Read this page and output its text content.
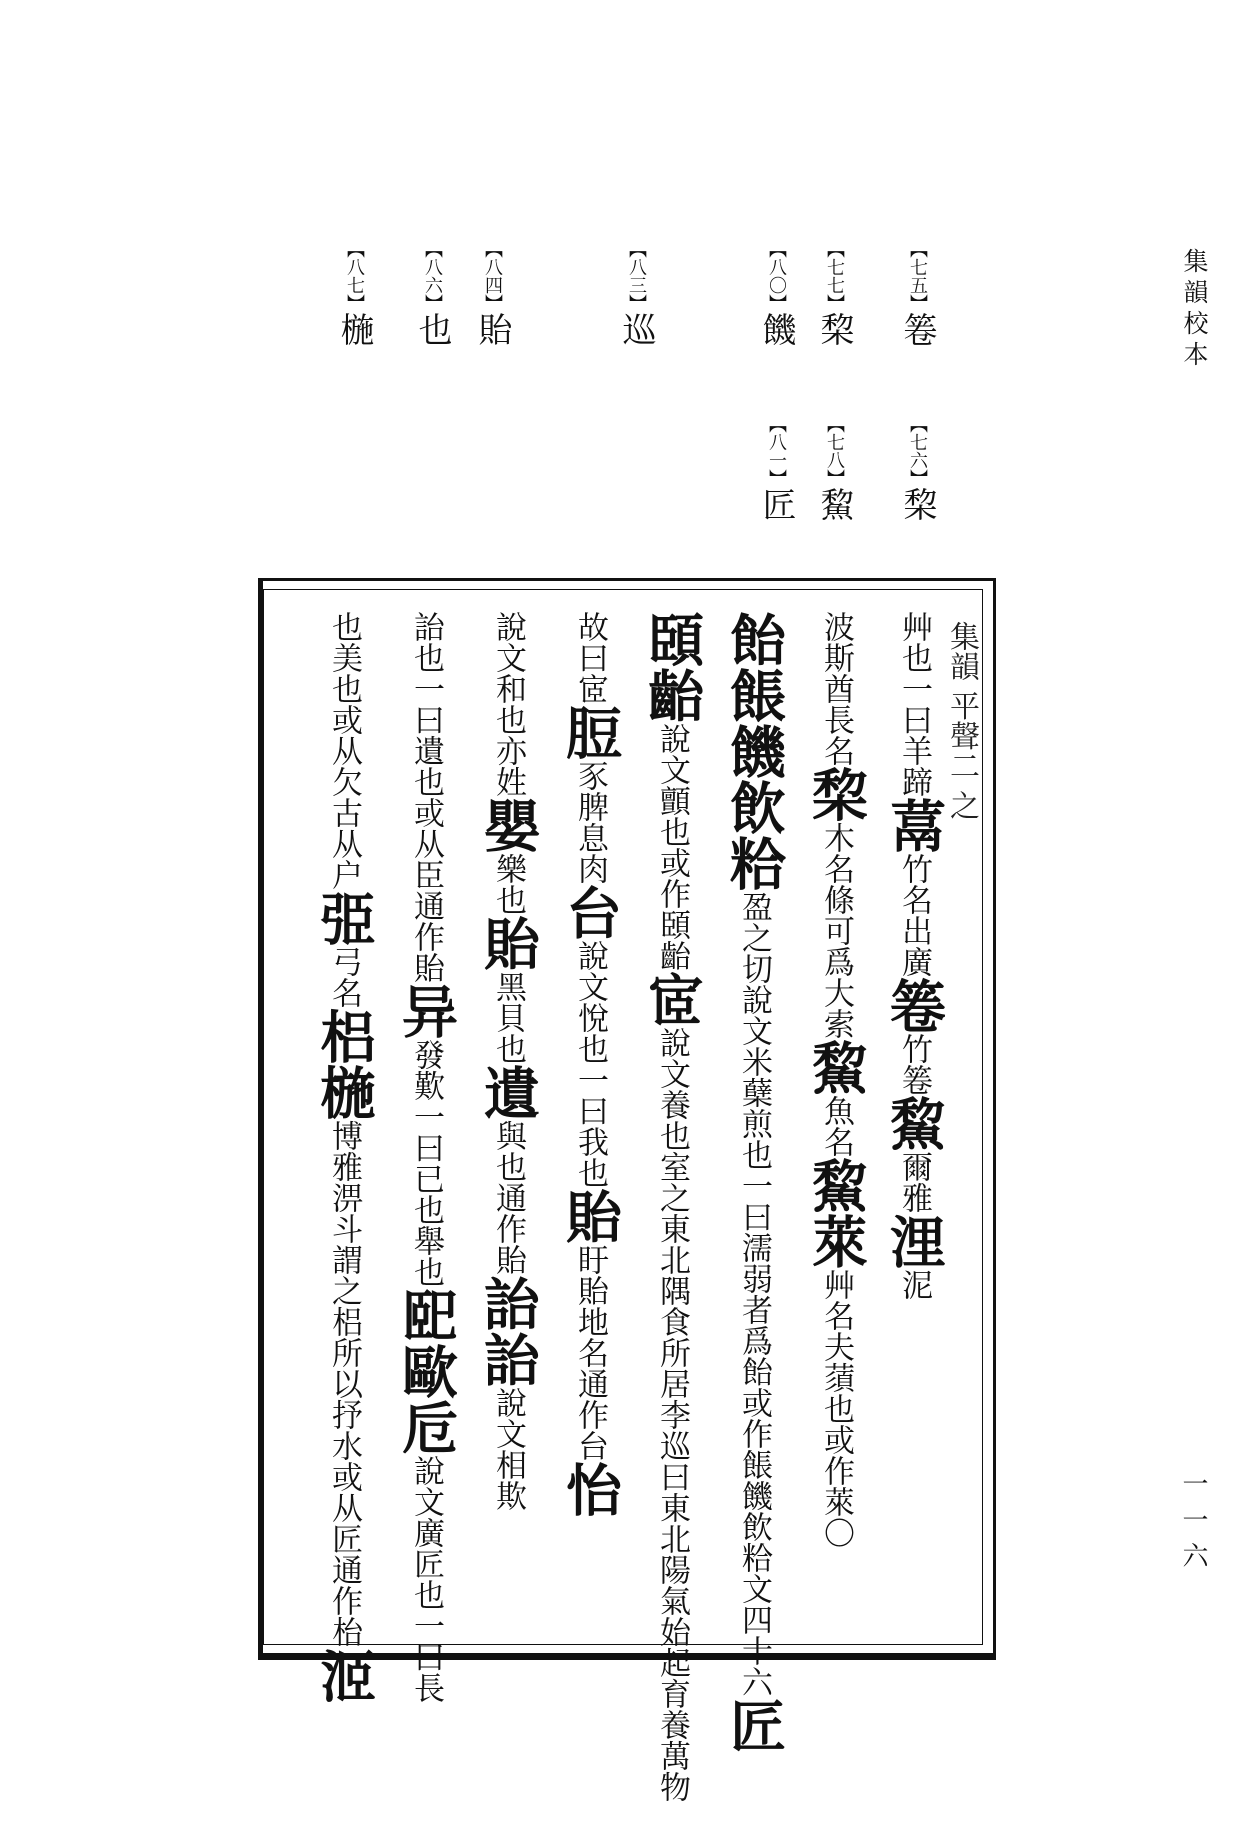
集韻校本
一一六
【七五】箞
【七六】棃
【七七】棃
【七八】鯬
【八〇】饑
【八一】匠
【八三】巡
【八四】貽
【八六】也
【八七】椸
集韻 平聲二 之
艸也一曰羊蹄蒚竹名出廣箞竹箞鯬爾雅浬泥
波斯酋長名棃木名條可爲大索鯬魚名鯬萊艸名夫蕦也或作萊〇
飴餦饑飲粭盈之切說文米蘖煎也一曰濡弱者爲飴或作餦饑飲粭文四十六匠
頣齝說文顫也或作頣齝宧說文養也室之東北隅食所居李巡曰東北陽氣始起育養萬物
故曰宧脰豕脾息肉台說文悅也一曰我也貽盱貽地名通作台怡
說文和也亦姓嬰樂也貽黑貝也遺與也通作貽詒詒說文相欺
詒也一曰遺也或从臣通作貽异發歎一曰已也舉也巸歐卮說文廣匠也一曰長
也美也或从欠古从户弫弓名梠椸博雅淠斗謂之梠所以抒水或从匠通作枱洍
